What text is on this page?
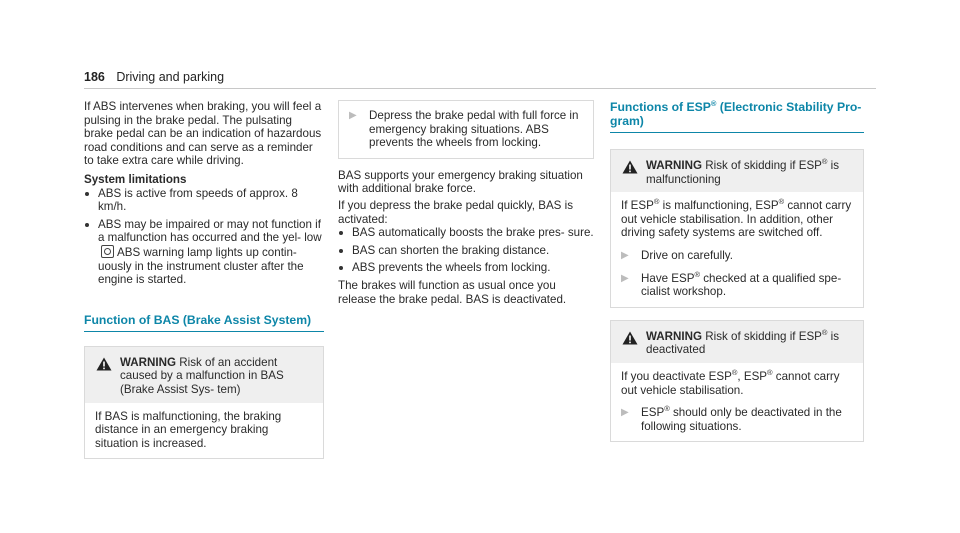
186 Driving and parking

If ABS intervenes when braking, you will feel a pulsing in the brake pedal. The pulsating brake pedal can be an indication of hazardous road conditions and can serve as a reminder to take extra care while driving.

System limitations

ABS is active from speeds of approx. 8 km/h.
ABS may be impaired or may not function if a malfunction has occurred and the yel- lowABS warning lamp lights up contin- uously in the instrument cluster after the engine is started.
Function of BAS (Brake Assist System)
WARNING Risk of an accident caused by a malfunction in BAS (Brake Assist Sys- tem)
If BAS is malfunctioning, the braking distance in an emergency braking situation is increased.
▶	Depress the brake pedal with full force in emergency braking situations. ABS prevents the wheels from locking.

BAS supports your emergency braking situation with additional brake force.

If you depress the brake pedal quickly, BAS is activated:

BAS automatically boosts the brake pres- sure.
BAS can shorten the braking distance.
ABS prevents the wheels from locking.

The brakes will function as usual once you release the brake pedal. BAS is deactivated.

Functions of ESP® (Electronic Stability Pro- gram)
WARNING Risk of skidding if ESP® is malfunctioning

If ESP® is malfunctioning, ESP® cannot carry out vehicle stabilisation. In addition, other driving safety systems are switched off.

▶	Drive on carefully.
▶	Have ESP® checked at a qualified spe- cialist workshop.
WARNING Risk of skidding if ESP® is deactivated

If you deactivate ESP®, ESP® cannot carry out vehicle stabilisation.

▶	ESP® should only be deactivated in the following situations.
